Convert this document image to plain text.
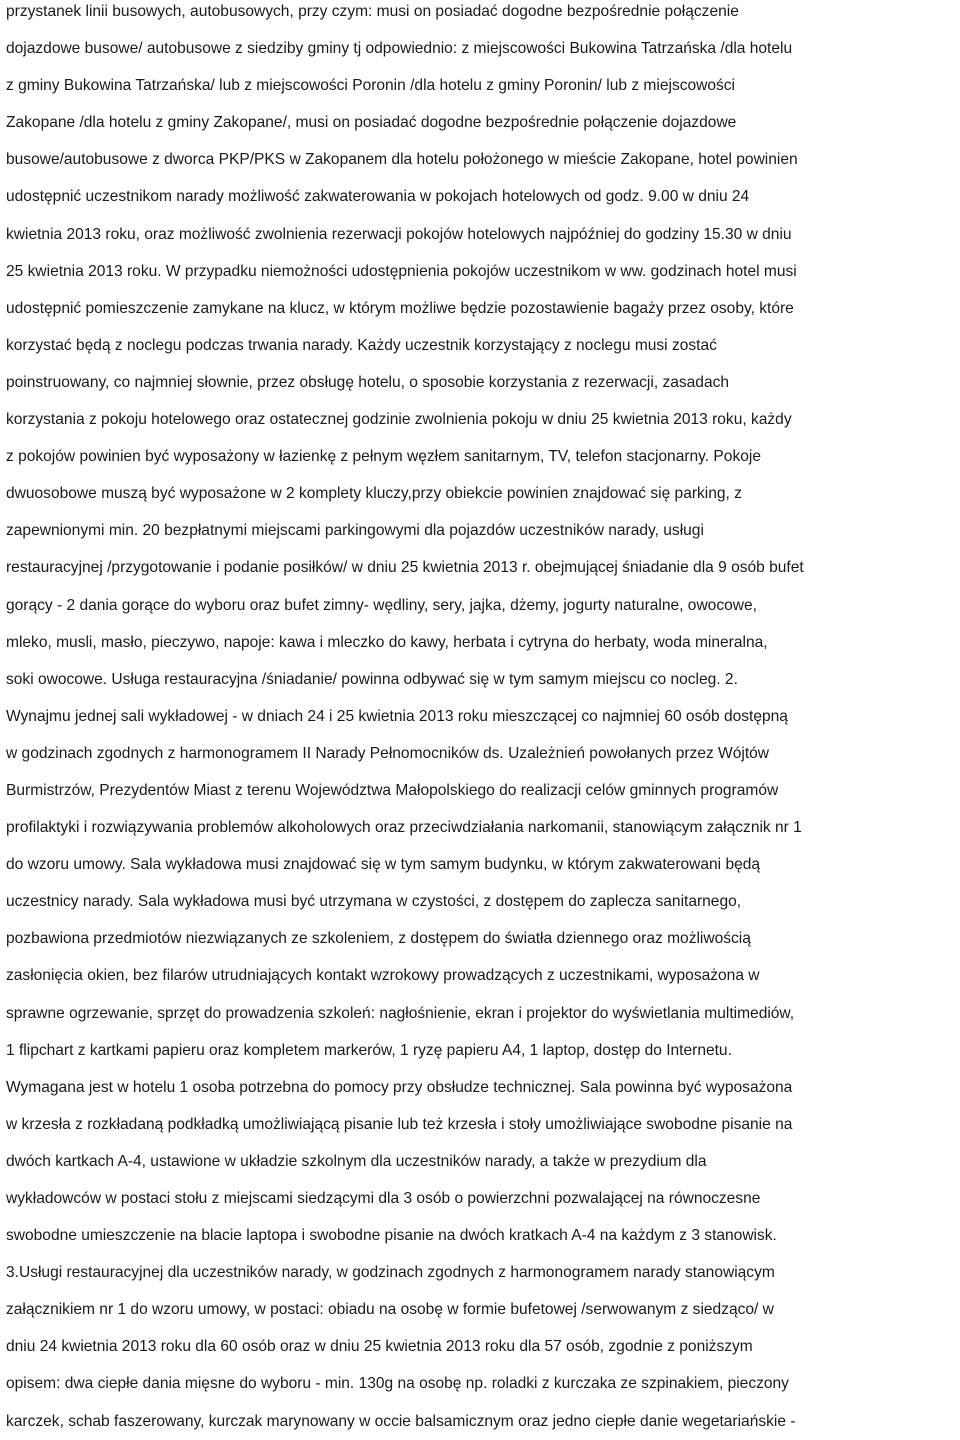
przystanek linii busowych, autobusowych, przy czym: musi on posiadać dogodne bezpośrednie połączenie
dojazdowe busowe/ autobusowe z siedziby gminy tj odpowiednio: z miejscowości Bukowina Tatrzańska /dla hotelu
z gminy Bukowina Tatrzańska/ lub z miejscowości Poronin /dla hotelu z gminy Poronin/ lub z miejscowości
Zakopane /dla hotelu z gminy Zakopane/, musi on posiadać dogodne bezpośrednie połączenie dojazdowe
busowe/autobusowe z dworca PKP/PKS w Zakopanem dla hotelu położonego w mieście Zakopane, hotel powinien
udostępnić uczestnikom narady możliwość zakwaterowania w pokojach hotelowych od godz. 9.00 w dniu 24
kwietnia 2013 roku, oraz możliwość zwolnienia rezerwacji pokojów hotelowych najpóźniej do godziny 15.30 w dniu
25 kwietnia 2013 roku. W przypadku niemożności udostępnienia pokojów uczestnikom w ww. godzinach hotel musi
udostępnić pomieszczenie zamykane na klucz, w którym możliwe będzie pozostawienie bagaży przez osoby, które
korzystać będą z noclegu podczas trwania narady. Każdy uczestnik korzystający z noclegu musi zostać
poinstruowany, co najmniej słownie, przez obsługę hotelu, o sposobie korzystania z rezerwacji, zasadach
korzystania z pokoju hotelowego oraz ostatecznej godzinie zwolnienia pokoju w dniu 25 kwietnia 2013 roku, każdy
z pokojów powinien być wyposażony w łazienkę z pełnym węzłem sanitarnym, TV, telefon stacjonarny. Pokoje
dwuosobowe muszą być wyposażone w 2 komplety kluczy,przy obiekcie powinien znajdować się parking, z
zapewnionymi min. 20 bezpłatnymi miejscami parkingowymi dla pojazdów uczestników narady, usługi
restauracyjnej /przygotowanie i podanie posiłków/ w dniu 25 kwietnia 2013 r. obejmującej śniadanie dla 9 osób bufet
gorący - 2 dania gorące do wyboru oraz bufet zimny- wędliny, sery, jajka, dżemy, jogurty naturalne, owocowe,
mleko, musli, masło, pieczywo, napoje: kawa i mleczko do kawy, herbata i cytryna do herbaty, woda mineralna,
soki owocowe. Usługa restauracyjna /śniadanie/ powinna odbywać się w tym samym miejscu co nocleg. 2.
Wynajmu jednej sali wykładowej - w dniach 24 i 25 kwietnia 2013 roku mieszczącej co najmniej 60 osób dostępną
w godzinach zgodnych z harmonogramem II Narady Pełnomocników ds. Uzależnień powołanych przez Wójtów
Burmistrzów, Prezydentów Miast z terenu Województwa Małopolskiego do realizacji celów gminnych programów
profilaktyki i rozwiązywania problemów alkoholowych oraz przeciwdziałania narkomanii, stanowiącym załącznik nr 1
do wzoru umowy. Sala wykładowa musi znajdować się w tym samym budynku, w którym zakwaterowani będą
uczestnicy narady. Sala wykładowa musi być utrzymana w czystości, z dostępem do zaplecza sanitarnego,
pozbawiona przedmiotów niezwiązanych ze szkoleniem, z dostępem do światła dziennego oraz możliwością
zasłonięcia okien, bez filarów utrudniających kontakt wzrokowy prowadzących z uczestnikami, wyposażona w
sprawne ogrzewanie, sprzęt do prowadzenia szkoleń: nagłośnienie, ekran i projektor do wyświetlania multimediów,
1 flipchart z kartkami papieru oraz kompletem markerów, 1 ryzę papieru A4, 1 laptop, dostęp do Internetu.
Wymagana jest w hotelu 1 osoba potrzebna do pomocy przy obsłudze technicznej. Sala powinna być wyposażona
w krzesła z rozkładaną podkładką umożliwiającą pisanie lub też krzesła i stoły umożliwiające swobodne pisanie na
dwóch kartkach A-4, ustawione w układzie szkolnym dla uczestników narady, a także w prezydium dla
wykładowców w postaci stołu z miejscami siedzącymi dla 3 osób o powierzchni pozwalającej na równoczesne
swobodne umieszczenie na blacie laptopa i swobodne pisanie na dwóch kratkach A-4 na każdym z 3 stanowisk.
3.Usługi restauracyjnej dla uczestników narady, w godzinach zgodnych z harmonogramem narady stanowiącym
załącznikiem nr 1 do wzoru umowy, w postaci: obiadu na osobę w formie bufetowej /serwowanym z siedząco/ w
dniu 24 kwietnia 2013 roku dla 60 osób oraz w dniu 25 kwietnia 2013 roku dla 57 osób, zgodnie z poniższym
opisem: dwa ciepłe dania mięsne do wyboru - min. 130g na osobę np. roladki z kurczaka ze szpinakiem, pieczony
karczek, schab faszerowany, kurczak marynowany w occie balsamicznym oraz jedno ciepłe danie wegetariańskie -
